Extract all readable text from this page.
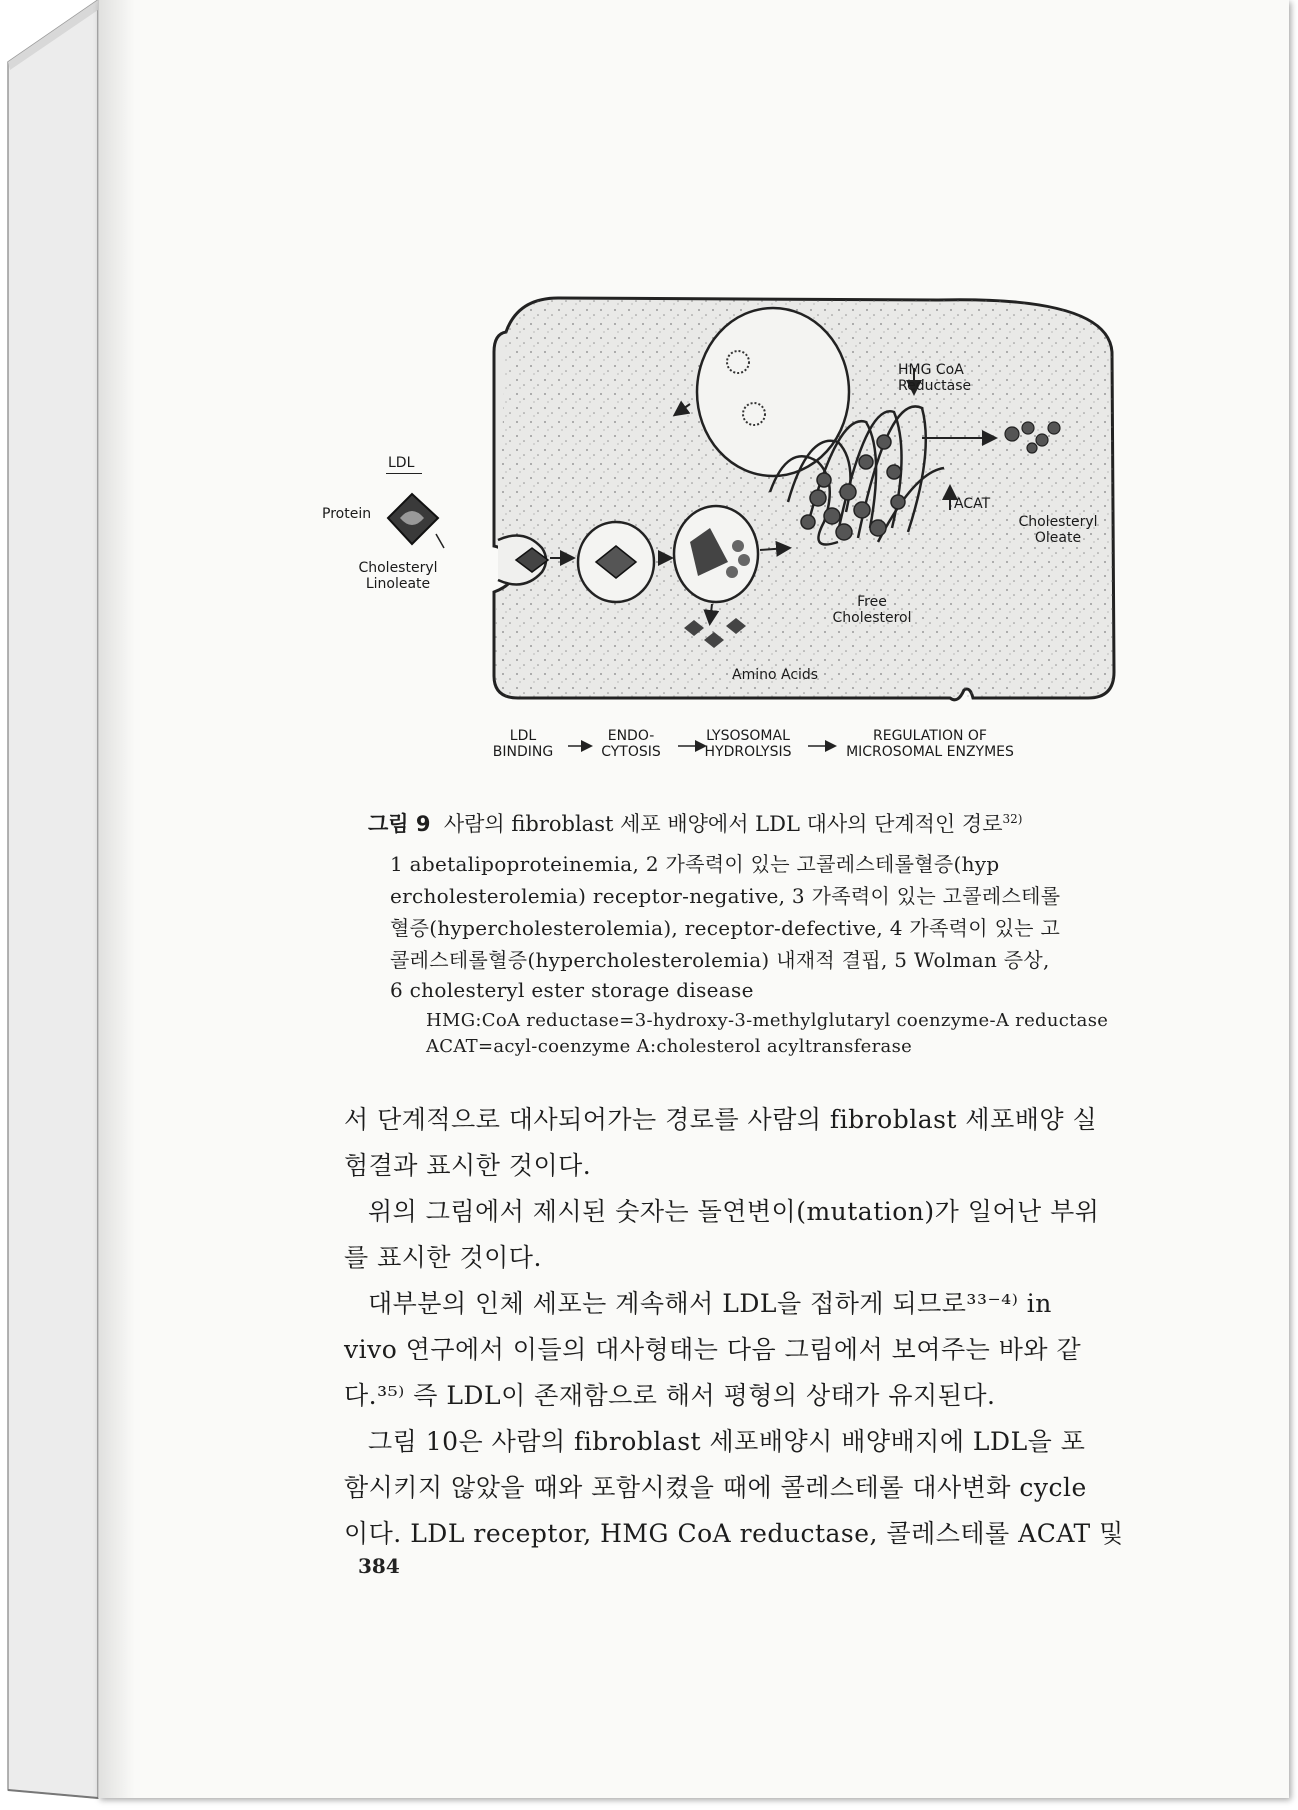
LDL
Protein
Cholesteryl
Linoleate
HMG CoA
Reductase
ACAT
Cholesteryl
Oleate
Free
Cholesterol
Amino Acids
LDL
BINDING
ENDO-
CYTOSIS
LYSOSOMAL
HYDROLYSIS
REGULATION OF
MICROSOMAL ENZYMES
그림 9 사람의 fibroblast 세포 배양에서 LDL 대사의 단계적인 경로$^{32)}$
1 abetalipoproteinemia, 2 가족력이 있는 고콜레스테롤혈증(hyp
ercholesterolemia) receptor-negative, 3 가족력이 있는 고콜레스테롤
혈증(hypercholesterolemia), receptor-defective, 4 가족력이 있는 고
콜레스테롤혈증(hypercholesterolemia) 내재적 결핍, 5 Wolman 증상,
6 cholesteryl ester storage disease
HMG:CoA reductase=3-hydroxy-3-methylglutaryl coenzyme-A reductase
ACAT=acyl-coenzyme A:cholesterol acyltransferase
서 단계적으로 대사되어가는 경로를 사람의 fibroblast 세포배양 실
험결과 표시한 것이다.
위의 그림에서 제시된 숫자는 돌연변이(mutation)가 일어난 부위
를 표시한 것이다.
대부분의 인체 세포는 계속해서 LDL을 접하게 되므로³³⁻⁴⁾ in
vivo 연구에서 이들의 대사형태는 다음 그림에서 보여주는 바와 같
다.³⁵⁾ 즉 LDL이 존재함으로 해서 평형의 상태가 유지된다.
그림 10은 사람의 fibroblast 세포배양시 배양배지에 LDL을 포
함시키지 않았을 때와 포함시켰을 때에 콜레스테롤 대사변화 cycle
이다. LDL receptor, HMG CoA reductase, 콜레스테롤 ACAT 및
384
